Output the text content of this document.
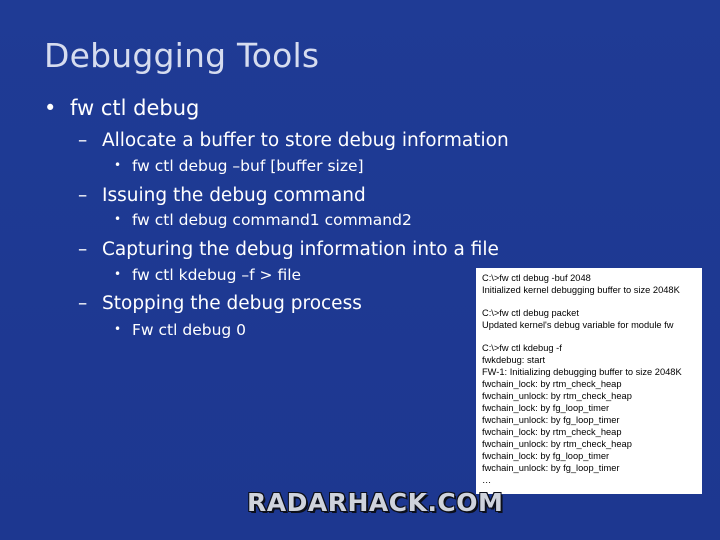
Debugging Tools
• fw ctl debug
– Allocate a buffer to store debug information
• fw ctl debug –buf [buffer size]
– Issuing the debug command
• fw ctl debug command1 command2
– Capturing the debug information into a file
• fw ctl kdebug –f > file
– Stopping the debug process
• Fw ctl debug 0
C:\>fw ctl debug -buf 2048
Initialized kernel debugging buffer to size 2048K
C:\>fw ctl debug packet
Updated kernel's debug variable for module fw
C:\>fw ctl kdebug -f
fwkdebug: start
FW-1: Initializing debugging buffer to size 2048K
fwchain_lock: by rtm_check_heap
fwchain_unlock: by rtm_check_heap
fwchain_lock: by fg_loop_timer
fwchain_unlock: by fg_loop_timer
fwchain_lock: by rtm_check_heap
fwchain_unlock: by rtm_check_heap
fwchain_lock: by fg_loop_timer
fwchain_unlock: by fg_loop_timer
…
RADARHACK.COM
